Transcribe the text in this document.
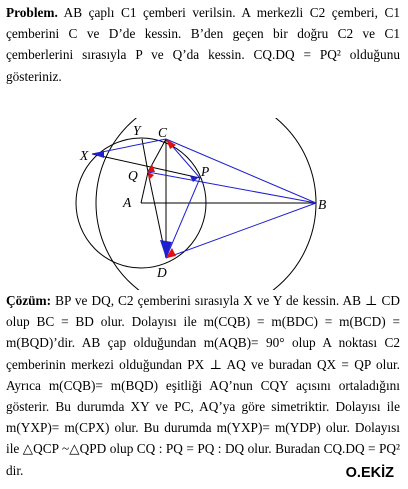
Problem. AB çaplı C1 çemberi verilsin. A merkezli C2 çemberi, C1 çemberini C ve D’de kessin. B’den geçen bir doğru C2 ve C1 çemberlerini sırasıyla P ve Q’da kessin. CQ.DQ = PQ² olduğunu gösteriniz.
Y C
X
Q	P
A	B
D
Çözüm: BP ve DQ, C2 çemberini sırasıyla X ve Y de kessin. AB ⊥ CD olup BC = BD olur. Dolayısı ile m(CQB) = m(BDC) = m(BCD) = m(BQD)’dir. AB çap olduğundan m(AQB)= 90° olup A noktası C2 çemberinin merkezi olduğundan PX ⊥ AQ ve buradan QX = QP olur. Ayrıca m(CQB)= m(BQD) eşitliği AQ’nun CQY açısını ortaladığını gösterir. Bu durumda XY ve PC, AQ’ya göre simetriktir. Dolayısı ile m(YXP)= m(CPX) olur. Bu durumda m(YXP)= m(YDP) olur. Dolayısı ile △QCP ~△QPD olup CQ : PQ = PQ : DQ olur. Buradan CQ.DQ = PQ² dir.	O.EKİZ
